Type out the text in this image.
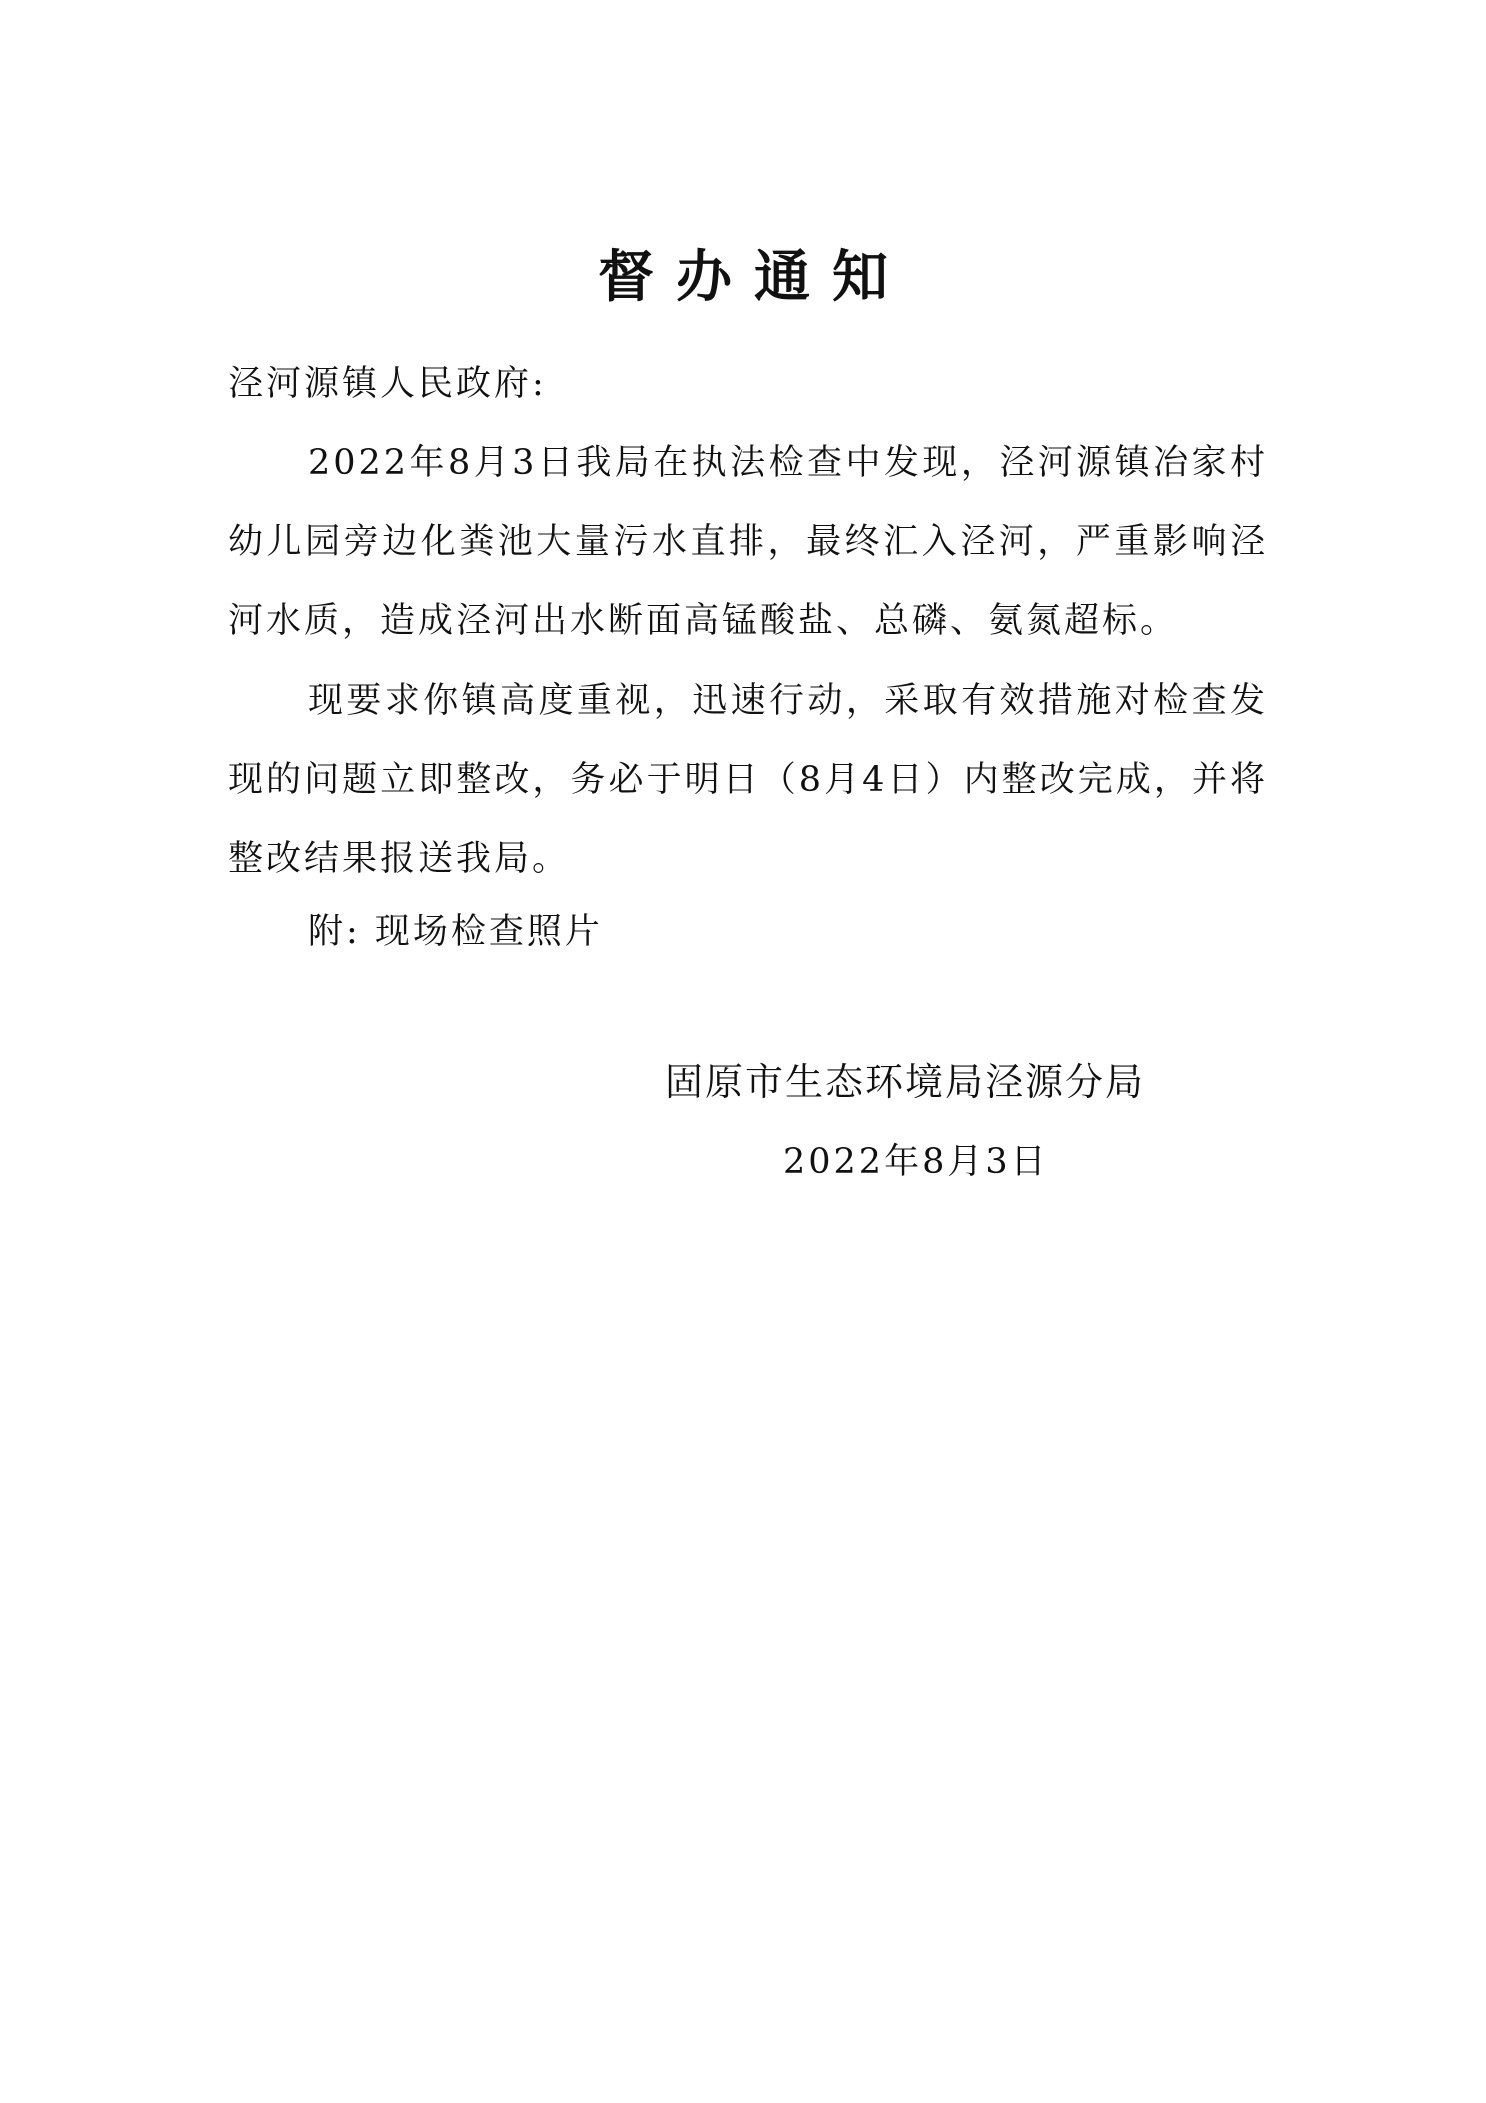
督办通知
泾河源镇人民政府:

2022年8月3日我局在执法检查中发现，泾河源镇冶家村幼儿园旁边化粪池大量污水直排，最终汇入泾河，严重影响泾河水质，造成泾河出水断面高锰酸盐、总磷、氨氮超标。

现要求你镇高度重视，迅速行动，采取有效措施对检查发现的问题立即整改，务必于明日（8月4日）内整改完成，并将整改结果报送我局。

附: 现场检查照片
固原市生态环境局泾源分局
2022年8月3日
